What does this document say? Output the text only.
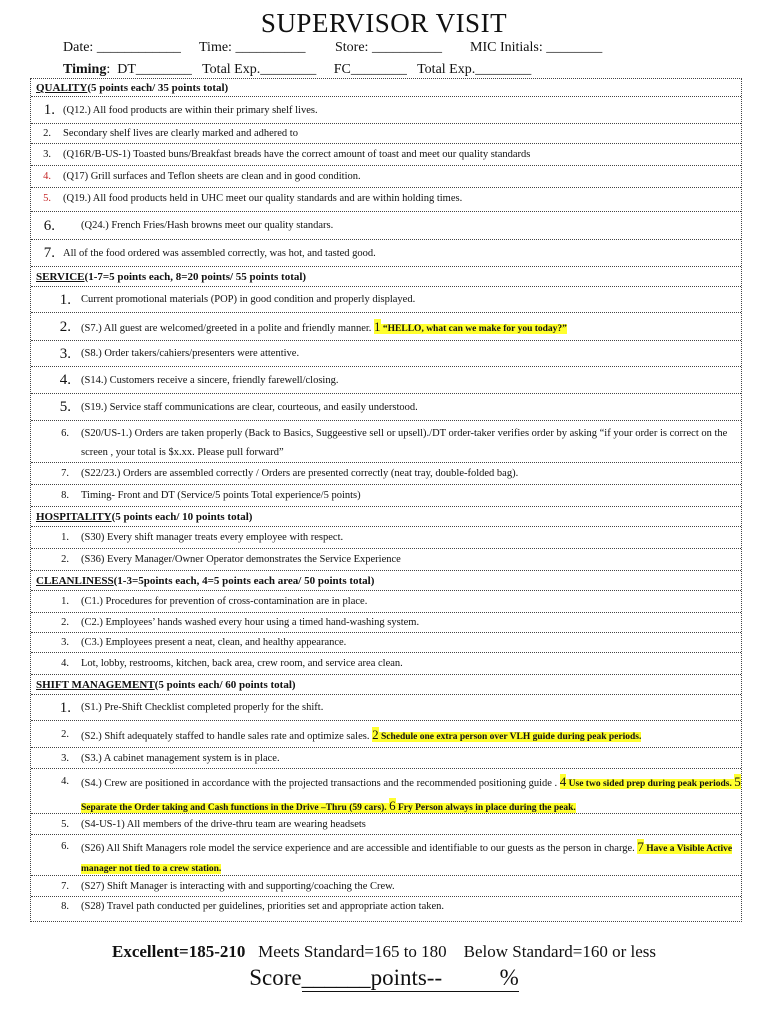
SUPERVISOR VISIT
Date: ____________ Time: __________ Store: __________ MIC Initials: ________
Timing:  DT________   Total Exp.________     FC________   Total Exp.________
QUALITY (5 points each/ 35 points total)
1. (Q12.) All food products are within their primary shelf lives.
2.	Secondary shelf lives are clearly marked and adhered to
3.	(Q16R/B-US-1) Toasted buns/Breakfast breads have the correct amount of toast and meet our quality standards
4.	(Q17) Grill surfaces and Teflon sheets are clean and in good condition.
5.	(Q19.) All food products held in UHC meet our quality standards and are within holding times.
6.	(Q24.) French Fries/Hash browns meet our quality standars.
7. All of the food ordered was assembled correctly, was hot, and tasted good.
SERVICE (1-7=5 points each, 8=20 points/ 55 points total)
1. Current promotional materials (POP) in good condition and properly displayed.
2. (S7.) All guest are welcomed/greeted in a polite and friendly manner. 1 “HELLO, what can we make for you today?”
3. (S8.) Order takers/cahiers/presenters were attentive.
4. (S14.) Customers receive a sincere, friendly farewell/closing.
5. (S19.) Service staff communications are clear, courteous, and easily understood.
6.	(S20/US-1.) Orders are taken properly (Back to Basics, Suggeestive sell or upsell)./DT order-taker verifies order by asking “if your order is correct on the screen , your total is $x.xx. Please pull forward”
7.	(S22/23.) Orders are assembled correctly / Orders are presented correctly (neat tray, double-folded bag).
8.	Timing- Front and DT (Service/5 points Total experience/5 points)
HOSPITALITY (5 points each/ 10 points total)
1.	(S30) Every shift manager treats every employee with respect.
2.	(S36) Every Manager/Owner Operator demonstrates the Service Experience
CLEANLINESS (1-3=5points each, 4=5 points each area/ 50 points total)
1.	(C1.) Procedures for prevention of cross-contamination are in place.
2.	(C2.) Employees’ hands washed every hour using a timed hand-washing system.
3.	(C3.) Employees present a neat, clean, and healthy appearance.
4.	Lot, lobby, restrooms, kitchen, back area, crew room, and service area clean.
SHIFT MANAGEMENT (5 points each/ 60 points total)
1. (S1.) Pre-Shift Checklist completed properly for the shift.
2.	(S2.) Shift adequately staffed to handle sales rate and optimize sales. 2 Schedule one extra person over VLH guide during peak periods.
3.	(S3.) A cabinet management system is in place.
4.	(S4.) Crew are positioned in accordance with the projected transactions and the recommended positioning guide . 4 Use two sided prep during peak periods. 5 Separate the Order taking and Cash functions in the Drive –Thru (59 cars). 6 Fry Person always in place during the peak.
5.	(S4-US-1) All members of the drive-thru team are wearing headsets
6.	(S26) All Shift Managers role model the service experience and are accessible and identifiable to our guests as the person in charge. 7 Have a Visible Active manager not tied to a crew station.
7.	(S27) Shift Manager is interacting with and supporting/coaching the Crew.
8.	(S28) Travel path conducted per guidelines, priorities set and appropriate action taken.
Excellent=185-210   Meets Standard=165 to 180    Below Standard=160 or less
Score______points--	%
